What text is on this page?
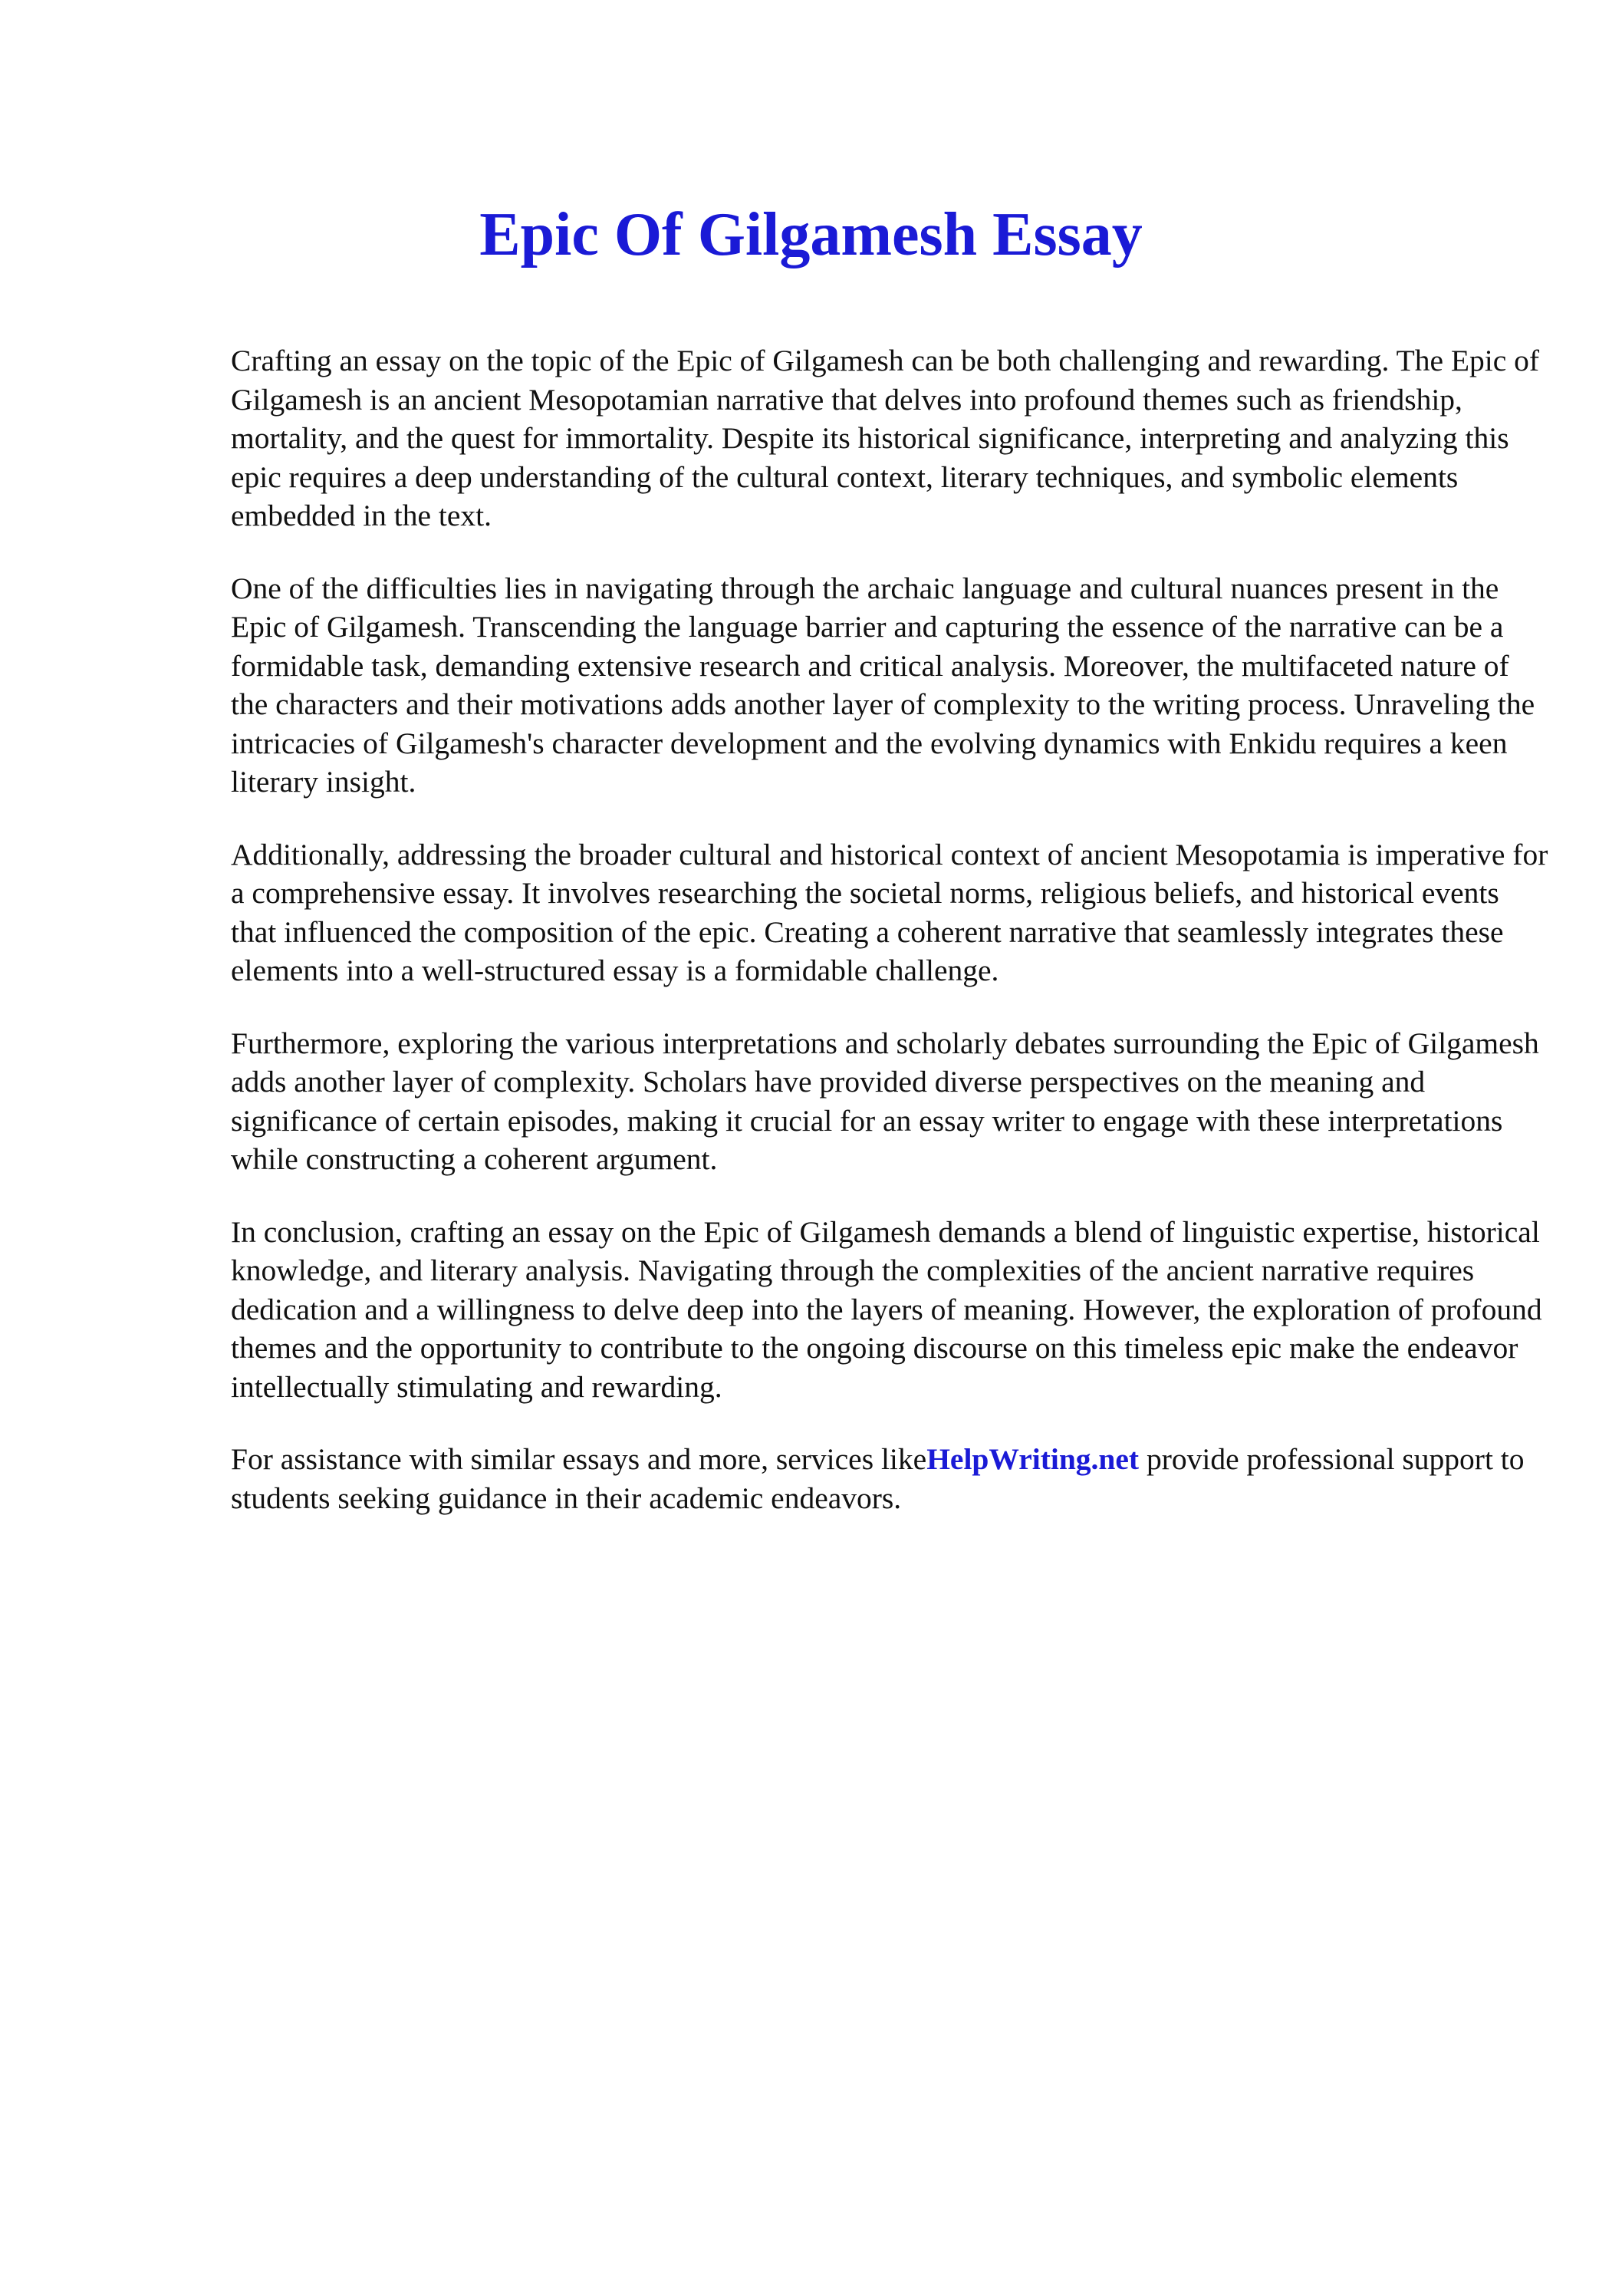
Epic Of Gilgamesh Essay

Crafting an essay on the topic of the Epic of Gilgamesh can be both challenging and rewarding. The Epic of Gilgamesh is an ancient Mesopotamian narrative that delves into profound themes such as friendship, mortality, and the quest for immortality. Despite its historical significance, interpreting and analyzing this epic requires a deep understanding of the cultural context, literary techniques, and symbolic elements embedded in the text.

One of the difficulties lies in navigating through the archaic language and cultural nuances present in the Epic of Gilgamesh. Transcending the language barrier and capturing the essence of the narrative can be a formidable task, demanding extensive research and critical analysis. Moreover, the multifaceted nature of the characters and their motivations adds another layer of complexity to the writing process. Unraveling the intricacies of Gilgamesh's character development and the evolving dynamics with Enkidu requires a keen literary insight.

Additionally, addressing the broader cultural and historical context of ancient Mesopotamia is imperative for a comprehensive essay. It involves researching the societal norms, religious beliefs, and historical events that influenced the composition of the epic. Creating a coherent narrative that seamlessly integrates these elements into a well-structured essay is a formidable challenge.

Furthermore, exploring the various interpretations and scholarly debates surrounding the Epic of Gilgamesh adds another layer of complexity. Scholars have provided diverse perspectives on the meaning and significance of certain episodes, making it crucial for an essay writer to engage with these interpretations while constructing a coherent argument.

In conclusion, crafting an essay on the Epic of Gilgamesh demands a blend of linguistic expertise, historical knowledge, and literary analysis. Navigating through the complexities of the ancient narrative requires dedication and a willingness to delve deep into the layers of meaning. However, the exploration of profound themes and the opportunity to contribute to the ongoing discourse on this timeless epic make the endeavor intellectually stimulating and rewarding.

For assistance with similar essays and more, services likeHelpWriting.net provide professional support to students seeking guidance in their academic endeavors.
